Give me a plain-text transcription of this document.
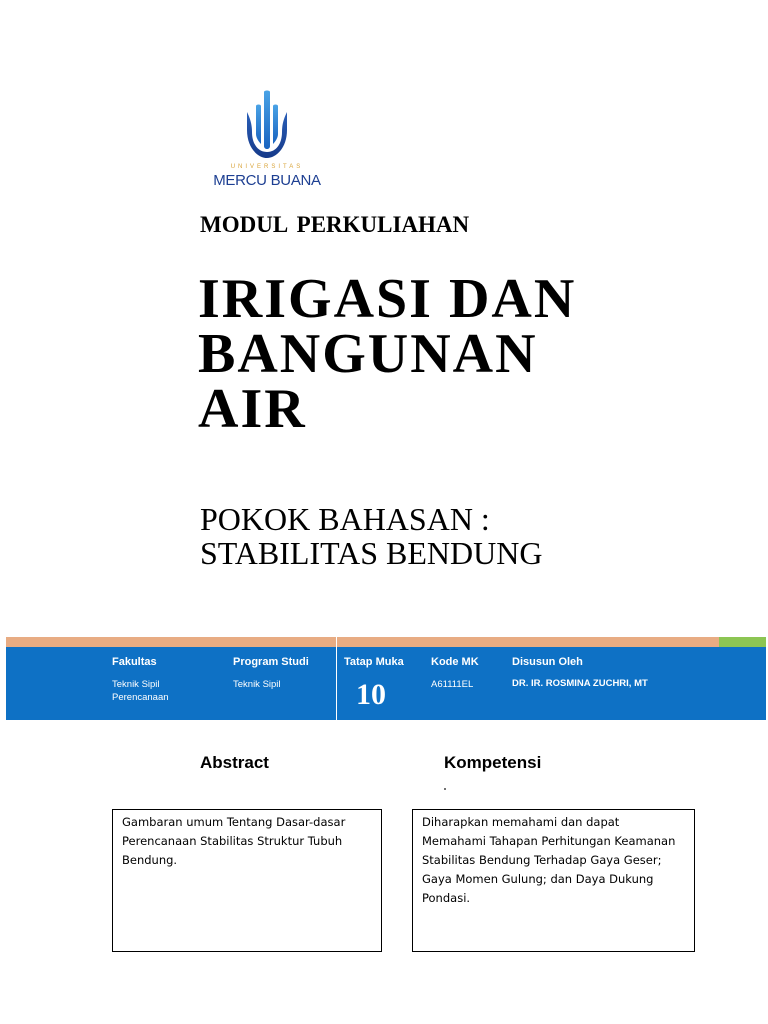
UNIVERSITAS
MERCU BUANA
MODUL PERKULIAHAN
IRIGASI DAN
BANGUNAN
AIR
POKOK BAHASAN :
STABILITAS BENDUNG
Fakultas
Teknik Sipil
Perencanaan
Program Studi
Teknik Sipil
Tatap Muka
10
Kode MK
A61111EL
Disusun Oleh
DR. IR. ROSMINA ZUCHRI, MT
Abstract	Kompetensi
Gambaran umum Tentang Dasar-dasar
Perencanaan Stabilitas Struktur Tubuh
Bendung.
Diharapkan memahami dan dapat
Memahami Tahapan Perhitungan Keamanan
Stabilitas Bendung Terhadap Gaya Geser;
Gaya Momen Gulung; dan Daya Dukung
Pondasi.
